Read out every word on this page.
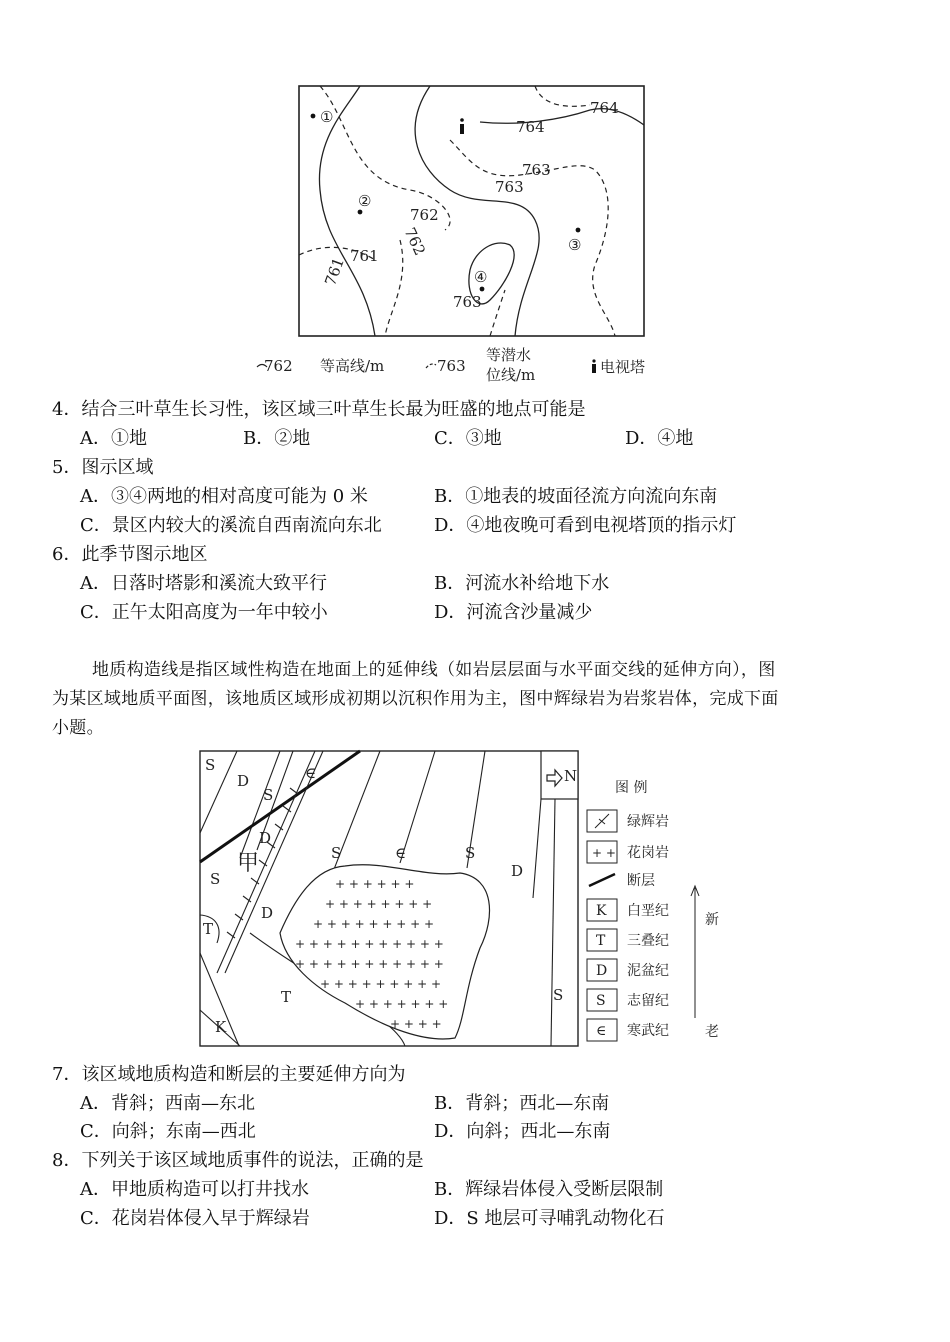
①
②
③
④
764
764
763
763
762
762
761
761
763
762 等高线/m	763
等潜水
位线/m	电视塔
4．结合三叶草生长习性，该区域三叶草生长最为旺盛的地点可能是
A．①地	B．②地	C．③地	D．④地
5．图示区域
A．③④两地的相对高度可能为 0 米	B．①地表的坡面径流方向流向东南
C．景区内较大的溪流自西南流向东北	D．④地夜晚可看到电视塔顶的指示灯
6．此季节图示地区
A．日落时塔影和溪流大致平行	B．河流水补给地下水
C．正午太阳高度为一年中较小	D．河流含沙量减少
地质构造线是指区域性构造在地面上的延伸线（如岩层层面与水平面交线的延伸方向），图
为某区域地质平面图，该地质区域形成初期以沉积作用为主，图中辉绿岩为岩浆岩体，完成下面
小题。
N
+ + + + + +
+ + + + + + + +
+ + + + + + + + +
+ + + + + + + + + + +
+ + + + + + + + + + +
+ + + + + + + + +
+ + + + + + +
+ + + +
甲
S
D
S
∈
D
S	∈	S
S	D
D
T
T
K
S
图 例
绿辉岩
+ + 花岗岩
断层
K 白垩纪
T 三叠纪
D 泥盆纪
S 志留纪
∈ 寒武纪
新
老
7．该区域地质构造和断层的主要延伸方向为
A．背斜；西南—东北	B．背斜；西北—东南
C．向斜；东南—西北	D．向斜；西北—东南
8．下列关于该区域地质事件的说法，正确的是
A．甲地质构造可以打井找水	B．辉绿岩体侵入受断层限制
C．花岗岩体侵入早于辉绿岩	D．S 地层可寻哺乳动物化石
